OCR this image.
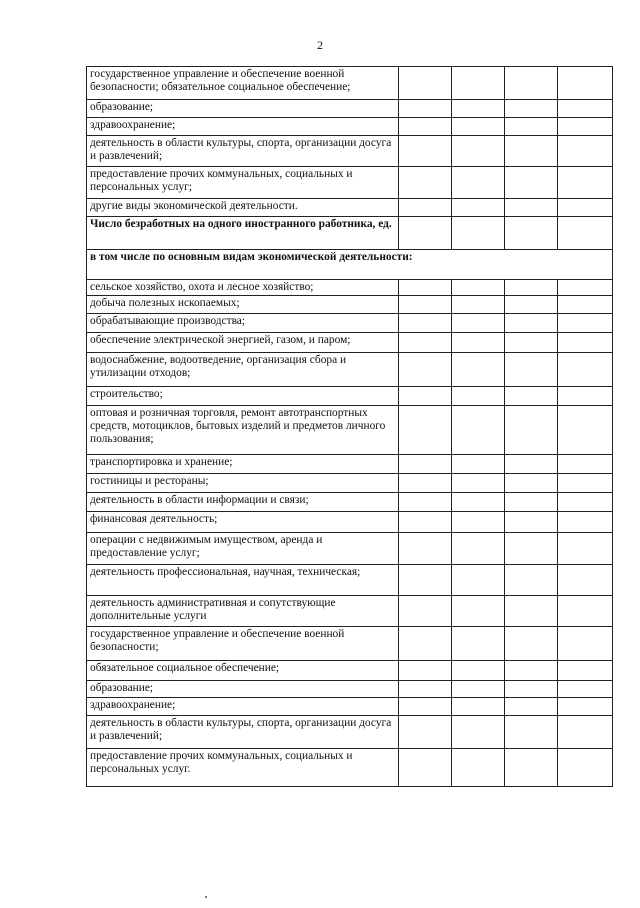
2
государственное управление и обеспечение военной безопасности; обязательное социальное обеспечение;				
образование;				
здравоохранение;				
деятельность в области культуры, спорта, организации досуга и развлечений;				
предоставление прочих коммунальных, социальных и персональных услуг;				
другие виды экономической деятельности.				
Число безработных на одного иностранного работника, ед.				
в том числе по основным видам экономической деятельности:				
сельское хозяйство, охота и лесное хозяйство;				
добыча полезных ископаемых;				
обрабатывающие производства;				
обеспечение электрической энергией, газом, и паром;				
водоснабжение, водоотведение, организация сбора и утилизации отходов;				
строительство;				
оптовая и розничная торговля, ремонт автотранспортных средств, мотоциклов, бытовых изделий и предметов личного пользования;				
транспортировка и хранение;				
гостиницы и рестораны;				
деятельность в области информации и связи;				
финансовая деятельность;				
операции с недвижимым имуществом, аренда и предоставление услуг;				
деятельность профессиональная, научная, техническая;				
деятельность административная и сопутствующие дополнительные услуги				
государственное управление и обеспечение военной безопасности;				
обязательное социальное обеспечение;				
образование;				
здравоохранение;				
деятельность в области культуры, спорта, организации досуга и развлечений;				
предоставление прочих коммунальных, социальных и персональных услуг.				
